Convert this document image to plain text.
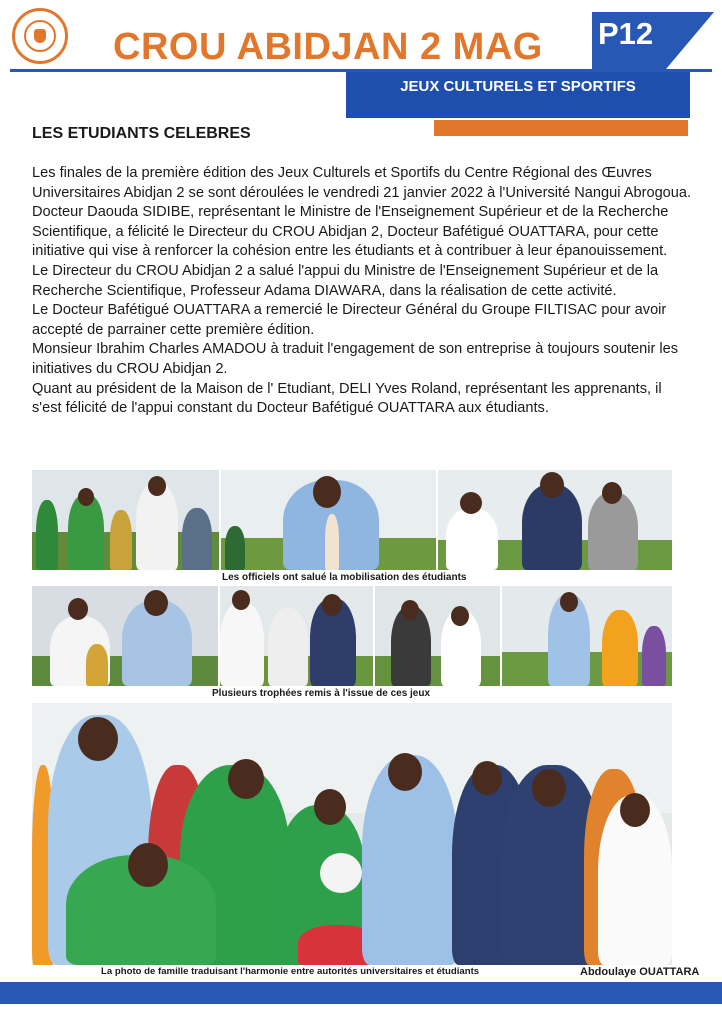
CROU ABIDJAN 2 MAG P12
JEUX CULTURELS ET SPORTIFS
LES ETUDIANTS CELEBRES

Les finales de la première édition des Jeux Culturels et Sportifs du Centre Régional des Œuvres Universitaires Abidjan 2 se sont déroulées le vendredi 21 janvier 2022 à l'Université Nangui Abrogoua.

Docteur Daouda SIDIBE, représentant le Ministre de l'Enseignement Supérieur et de la Recherche Scientifique, a félicité le Directeur du CROU Abidjan 2, Docteur Bafétigué OUATTARA, pour cette initiative qui vise à renforcer la cohésion entre les étudiants et à contribuer à leur épanouissement.

Le Directeur du CROU Abidjan 2 a salué l'appui du Ministre de l'Enseignement Supérieur et de la Recherche Scientifique, Professeur Adama DIAWARA, dans la réalisation de cette activité.

Le Docteur Bafétigué OUATTARA a remercié le Directeur Général du Groupe FILTISAC pour avoir accepté de parrainer cette première édition.

Monsieur Ibrahim Charles AMADOU à traduit l'engagement de son entreprise à toujours soutenir les initiatives du CROU Abidjan 2.

Quant au président de la Maison de l' Etudiant, DELI Yves Roland, représentant les apprenants, il s'est félicité de l'appui constant du Docteur Bafétigué OUATTARA aux étudiants.

Les officiels ont salué la mobilisation des étudiants
Plusieurs trophées remis à l'issue de ces jeux
La photo de famille traduisant l'harmonie entre autorités universitaires et étudiants	Abdoulaye OUATTARA
